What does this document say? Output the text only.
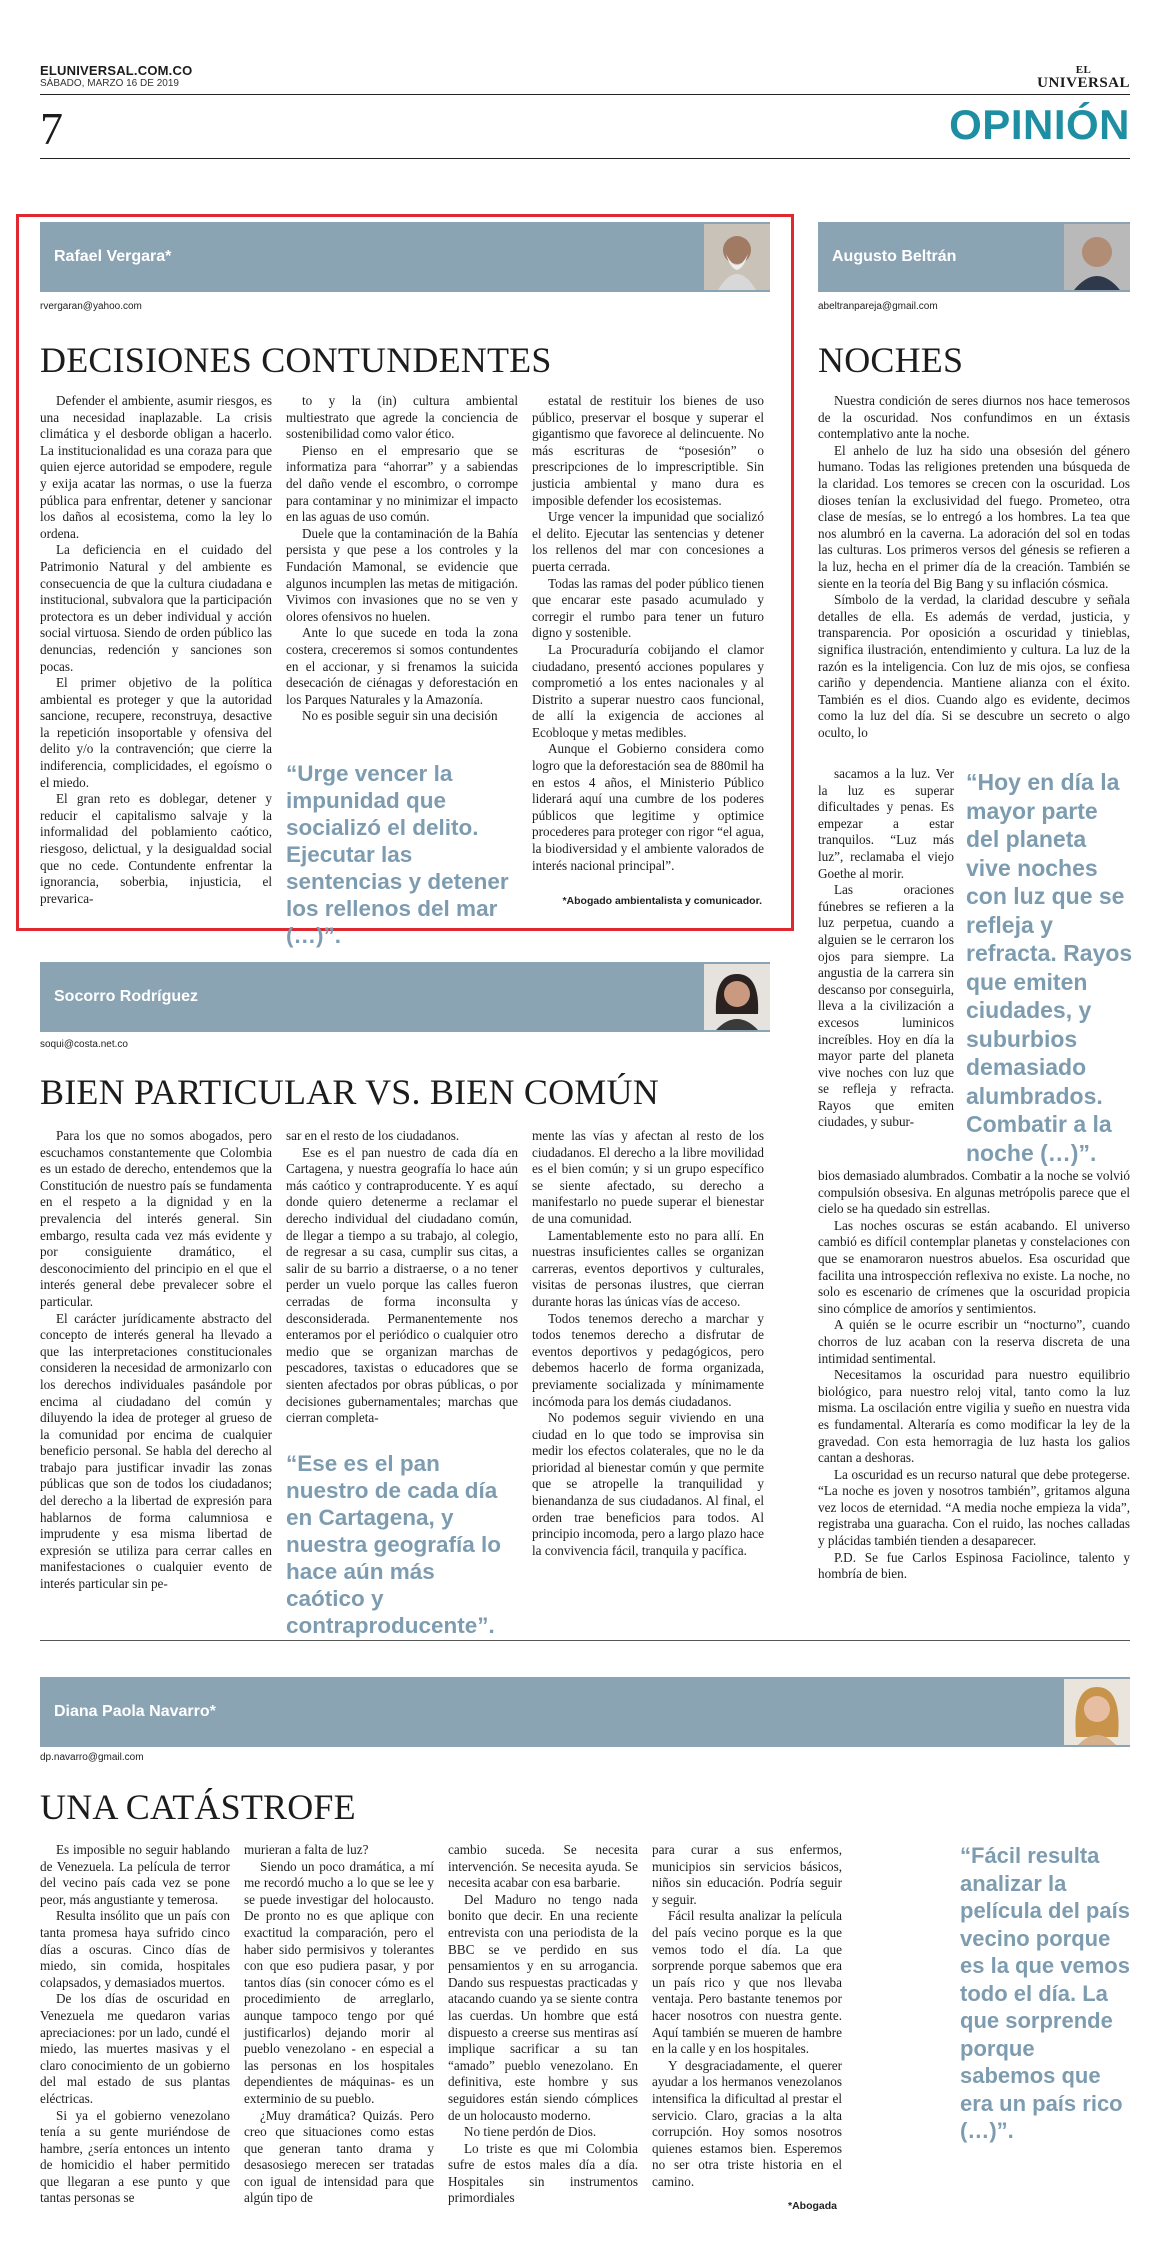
ELUNIVERSAL.COM.CO
SÁBADO, MARZO 16 DE 2019
EL
UNIVERSAL
7	OPINIÓN
Rafael Vergara*
rvergaran@yahoo.com
DECISIONES CONTUNDENTES

Defender el ambiente, asumir riesgos, es una necesidad inaplazable. La crisis climática y el desborde obligan a hacerlo. La institucionalidad es una coraza para que quien ejerce autoridad se empodere, regule y exija acatar las normas, o use la fuerza pública para enfrentar, detener y sancionar los daños al ecosistema, como la ley lo ordena.

La deficiencia en el cuidado del Patrimonio Natural y del ambiente es consecuencia de que la cultura ciudadana e institucional, subvalora que la participación protectora es un deber individual y acción social virtuosa. Siendo de orden público las denuncias, redención y sanciones son pocas.

El primer objetivo de la política ambiental es proteger y que la autoridad sancione, recupere, reconstruya, desactive la repetición insoportable y ofensiva del delito y/o la contravención; que cierre la indiferencia, complicidades, el egoísmo o el miedo.

El gran reto es doblegar, detener y reducir el capitalismo salvaje y la informalidad del poblamiento caótico, riesgoso, delictual, y la desigualdad social que no cede. Contundente enfrentar la ignorancia, soberbia, injusticia, el prevarica-

to y la (in) cultura ambiental multiestrato que agrede la conciencia de sostenibilidad como valor ético.

Pienso en el empresario que se informatiza para “ahorrar” y a sabiendas del daño vende el escombro, o corrompe para contaminar y no minimizar el impacto en las aguas de uso común.

Duele que la contaminación de la Bahía persista y que pese a los controles y la Fundación Mamonal, se evidencie que algunos incumplen las metas de mitigación. Vivimos con invasiones que no se ven y olores ofensivos no huelen.

Ante lo que sucede en toda la zona costera, creceremos si somos contundentes en el accionar, y si frenamos la suicida desecación de ciénagas y deforestación en los Parques Naturales y la Amazonía.

No es posible seguir sin una decisión

“Urge vencer la impunidad que socializó el delito. Ejecutar las sentencias y detener los rellenos del mar (…)”.

estatal de restituir los bienes de uso público, preservar el bosque y superar el gigantismo que favorece al delincuente. No más escrituras de “posesión” o prescripciones de lo imprescriptible. Sin justicia ambiental y mano dura es imposible defender los ecosistemas.

Urge vencer la impunidad que socializó el delito. Ejecutar las sentencias y detener los rellenos del mar con concesiones a puerta cerrada.

Todas las ramas del poder público tienen que encarar este pasado acumulado y corregir el rumbo para tener un futuro digno y sostenible.

La Procuraduría cobijando el clamor ciudadano, presentó acciones populares y comprometió a los entes nacionales y al Distrito a superar nuestro caos funcional, de allí la exigencia de acciones al Ecobloque y metas medibles.

Aunque el Gobierno considera como logro que la deforestación sea de 880mil ha en estos 4 años, el Ministerio Público liderará aquí una cumbre de los poderes públicos que legitime y optimice procederes para proteger con rigor “el agua, la biodiversidad y el ambiente valorados de interés nacional principal”.

*Abogado ambientalista y comunicador.
Augusto Beltrán
abeltranpareja@gmail.com
NOCHES

Nuestra condición de seres diurnos nos hace temerosos de la oscuridad. Nos confundimos en un éxtasis contemplativo ante la noche.

El anhelo de luz ha sido una obsesión del género humano. Todas las religiones pretenden una búsqueda de la claridad. Los temores se crecen con la oscuridad. Los dioses tenían la exclusividad del fuego. Prometeo, otra clase de mesías, se lo entregó a los hombres. La tea que nos alumbró en la caverna. La adoración del sol en todas las culturas. Los primeros versos del génesis se refieren a la luz, hecha en el primer día de la creación. También se siente en la teoría del Big Bang y su inflación cósmica.

Símbolo de la verdad, la claridad descubre y señala detalles de ella. Es además de verdad, justicia, y transparencia. Por oposición a oscuridad y tinieblas, significa ilustración, entendimiento y cultura. La luz de la razón es la inteligencia. Con luz de mis ojos, se confiesa cariño y dependencia. Mantiene alianza con el éxito. También es el dios. Cuando algo es evidente, decimos como la luz del día. Si se descubre un secreto o algo oculto, lo

sacamos a la luz. Ver la luz es superar dificultades y penas. Es empezar a estar tranquilos. “Luz más luz”, reclamaba el viejo Goethe al morir.

Las oraciones fúnebres se refieren a la luz perpetua, cuando a alguien se le cerraron los ojos para siempre. La angustia de la carrera sin descanso por conseguirla, lleva a la civilización a excesos luminicos increíbles. Hoy en día la mayor parte del planeta vive noches con luz que se refleja y refracta. Rayos que emiten ciudades, y subur-

“Hoy en día la mayor parte del planeta vive noches con luz que se refleja y refracta. Rayos que emiten ciudades, y suburbios demasiado alumbrados. Combatir a la noche (…)”.

bios demasiado alumbrados. Combatir a la noche se volvió compulsión obsesiva. En algunas metrópolis parece que el cielo se ha quedado sin estrellas.

Las noches oscuras se están acabando. El universo cambió es difícil contemplar planetas y constelaciones con que se enamoraron nuestros abuelos. Esa oscuridad que facilita una introspección reflexiva no existe. La noche, no solo es escenario de crímenes que la oscuridad propicia sino cómplice de amoríos y sentimientos.

A quién se le ocurre escribir un “nocturno”, cuando chorros de luz acaban con la reserva discreta de una intimidad sentimental.

Necesitamos la oscuridad para nuestro equilibrio biológico, para nuestro reloj vital, tanto como la luz misma. La oscilación entre vigilia y sueño en nuestra vida es fundamental. Alteraría es como modificar la ley de la gravedad. Con esta hemorragia de luz hasta los galios cantan a deshoras.

La oscuridad es un recurso natural que debe protegerse. “La noche es joven y nosotros también”, gritamos alguna vez locos de eternidad. “A media noche empieza la vida”, registraba una guaracha. Con el ruido, las noches calladas y plácidas también tienden a desaparecer.

P.D. Se fue Carlos Espinosa Faciolince, talento y hombría de bien.

Socorro Rodríguez
soqui@costa.net.co
BIEN PARTICULAR VS. BIEN COMÚN

Para los que no somos abogados, pero escuchamos constantemente que Colombia es un estado de derecho, entendemos que la Constitución de nuestro país se fundamenta en el respeto a la dignidad y en la prevalencia del interés general. Sin embargo, resulta cada vez más evidente y por consiguiente dramático, el desconocimiento del principio en el que el interés general debe prevalecer sobre el particular.

El carácter jurídicamente abstracto del concepto de interés general ha llevado a que las interpretaciones constitucionales consideren la necesidad de armonizarlo con los derechos individuales pasándole por encima al ciudadano del común y diluyendo la idea de proteger al grueso de la comunidad por encima de cualquier beneficio personal. Se habla del derecho al trabajo para justificar invadir las zonas públicas que son de todos los ciudadanos; del derecho a la libertad de expresión para hablarnos de forma calumniosa e imprudente y esa misma libertad de expresión se utiliza para cerrar calles en manifestaciones o cualquier evento de interés particular sin pe-

sar en el resto de los ciudadanos.

Ese es el pan nuestro de cada día en Cartagena, y nuestra geografía lo hace aún más caótico y contraproducente. Y es aquí donde quiero detenerme a reclamar el derecho individual del ciudadano común, de llegar a tiempo a su trabajo, al colegio, de regresar a su casa, cumplir sus citas, a salir de su barrio a distraerse, o a no tener perder un vuelo porque las calles fueron cerradas de forma inconsulta y desconsiderada. Permanentemente nos enteramos por el periódico o cualquier otro medio que se organizan marchas de pescadores, taxistas o educadores que se sienten afectados por obras públicas, o por decisiones gubernamentales; marchas que cierran completa-

“Ese es el pan nuestro de cada día en Cartagena, y nuestra geografía lo hace aún más caótico y contraproducente”.

mente las vías y afectan al resto de los ciudadanos. El derecho a la libre movilidad es el bien común; y si un grupo específico se siente afectado, su derecho a manifestarlo no puede superar el bienestar de una comunidad.

Lamentablemente esto no para allí. En nuestras insuficientes calles se organizan carreras, eventos deportivos y culturales, visitas de personas ilustres, que cierran durante horas las únicas vías de acceso.

Todos tenemos derecho a marchar y todos tenemos derecho a disfrutar de eventos deportivos y pedagógicos, pero debemos hacerlo de forma organizada, previamente socializada y mínimamente incómoda para los demás ciudadanos.

No podemos seguir viviendo en una ciudad en lo que todo se improvisa sin medir los efectos colaterales, que no le da prioridad al bienestar común y que permite que se atropelle la tranquilidad y bienandanza de sus ciudadanos. Al final, el orden trae beneficios para todos. Al principio incomoda, pero a largo plazo hace la convivencia fácil, tranquila y pacífica.

Diana Paola Navarro*
dp.navarro@gmail.com
UNA CATÁSTROFE

Es imposible no seguir hablando de Venezuela. La película de terror del vecino país cada vez se pone peor, más angustiante y temerosa.

Resulta insólito que un país con tanta promesa haya sufrido cinco días a oscuras. Cinco días de miedo, sin comida, hospitales colapsados, y demasiados muertos.

De los días de oscuridad en Venezuela me quedaron varias apreciaciones: por un lado, cundé el miedo, las muertes masivas y el claro conocimiento de un gobierno del mal estado de sus plantas eléctricas.

Si ya el gobierno venezolano tenía a su gente muriéndose de hambre, ¿sería entonces un intento de homicidio el haber permitido que llegaran a ese punto y que tantas personas se

murieran a falta de luz?

Siendo un poco dramática, a mí me recordó mucho a lo que se lee y se puede investigar del holocausto. De pronto no es que aplique con exactitud la comparación, pero el haber sido permisivos y tolerantes con que eso pudiera pasar, y por tantos días (sin conocer cómo es el procedimiento de arreglarlo, aunque tampoco tengo por qué justificarlos) dejando morir al pueblo venezolano - en especial a las personas en los hospitales dependientes de máquinas- es un exterminio de su pueblo.

¿Muy dramática? Quizás. Pero creo que situaciones como estas que generan tanto drama y desasosiego merecen ser tratadas con igual de intensidad para que algún tipo de

cambio suceda. Se necesita intervención. Se necesita ayuda. Se necesita acabar con esa barbarie.

Del Maduro no tengo nada bonito que decir. En una reciente entrevista con una periodista de la BBC se ve perdido en sus pensamientos y en su arrogancia. Dando sus respuestas practicadas y atacando cuando ya se siente contra las cuerdas. Un hombre que está dispuesto a creerse sus mentiras así implique sacrificar a su tan “amado” pueblo venezolano. En definitiva, este hombre y sus seguidores están siendo cómplices de un holocausto moderno.

No tiene perdón de Dios.

Lo triste es que mi Colombia sufre de estos males día a día. Hospitales sin instrumentos primordiales

para curar a sus enfermos, municipios sin servicios básicos, niños sin educación. Podría seguir y seguir.

Fácil resulta analizar la película del país vecino porque es la que vemos todo el día. La que sorprende porque sabemos que era un país rico y que nos llevaba ventaja. Pero bastante tenemos por hacer nosotros con nuestra gente. Aquí también se mueren de hambre en la calle y en los hospitales.

Y desgraciadamente, el querer ayudar a los hermanos venezolanos intensifica la dificultad al prestar el servicio. Claro, gracias a la alta corrupción. Hoy somos nosotros quienes estamos bien. Esperemos no ser otra triste historia en el camino.

*Abogada
“Fácil resulta analizar la película del país vecino porque es la que vemos todo el día. La que sorprende porque sabemos que era un país rico (…)”.
